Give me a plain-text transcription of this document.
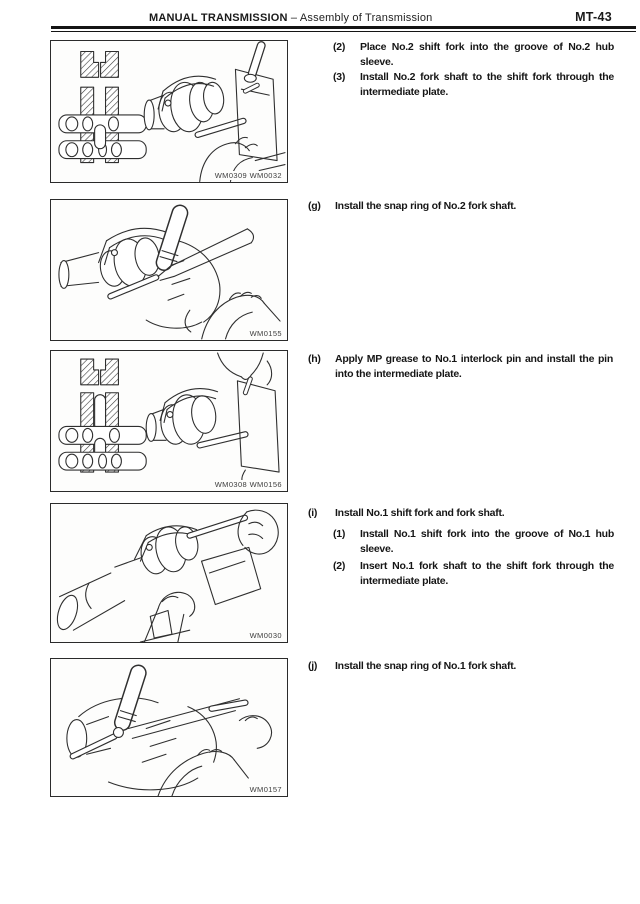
MANUAL TRANSMISSION – Assembly of Transmission	MT-43
WM0309 WM0032
WM0155
WM0308 WM0156
WM0030
WM0157
(2)	Place No.2 shift fork into the groove of No.2 hub sleeve.
(3)	Install No.2 fork shaft to the shift fork through the intermediate plate.
(g)	Install the snap ring of No.2 fork shaft.
(h)	Apply MP grease to No.1 interlock pin and install the pin into the intermediate plate.
(i)	Install No.1 shift fork and fork shaft.
(1)	Install No.1 shift fork into the groove of No.1 hub sleeve.
(2)	Insert No.1 fork shaft to the shift fork through the intermediate plate.
(j)	Install the snap ring of No.1 fork shaft.
